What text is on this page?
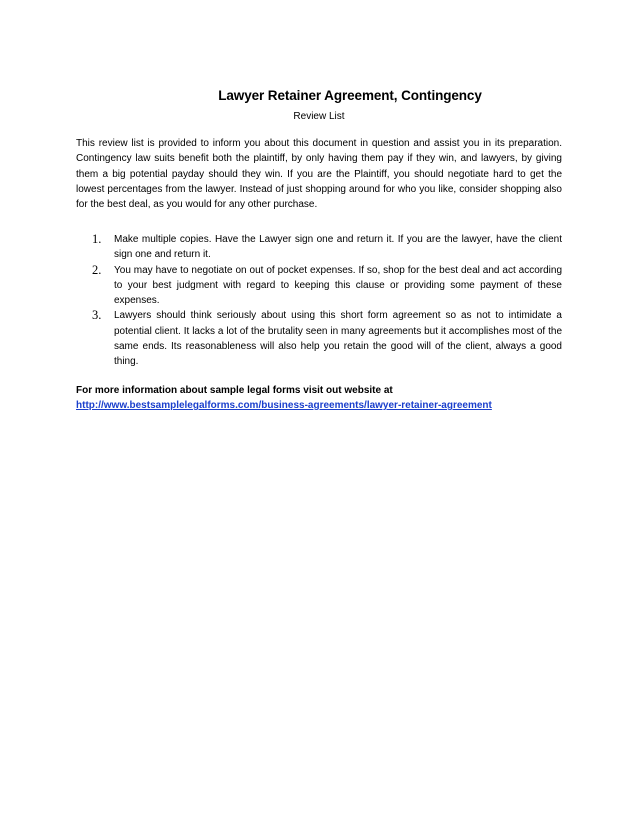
Lawyer Retainer Agreement, Contingency
Review List

This review list is provided to inform you about this document in question and assist you in its preparation. Contingency law suits benefit both the plaintiff, by only having them pay if they win, and lawyers, by giving them a big potential payday should they win. If you are the Plaintiff, you should negotiate hard to get the lowest percentages from the lawyer. Instead of just shopping around for who you like, consider shopping also for the best deal, as you would for any other purchase.

1. Make multiple copies. Have the Lawyer sign one and return it. If you are the lawyer, have the client sign one and return it.
2. You may have to negotiate on out of pocket expenses. If so, shop for the best deal and act according to your best judgment with regard to keeping this clause or providing some payment of these expenses.
3. Lawyers should think seriously about using this short form agreement so as not to intimidate a potential client. It lacks a lot of the brutality seen in many agreements but it accomplishes most of the same ends. Its reasonableness will also help you retain the good will of the client, always a good thing.
For more information about sample legal forms visit out website at
http://www.bestsamplelegalforms.com/business-agreements/lawyer-retainer-agreement
